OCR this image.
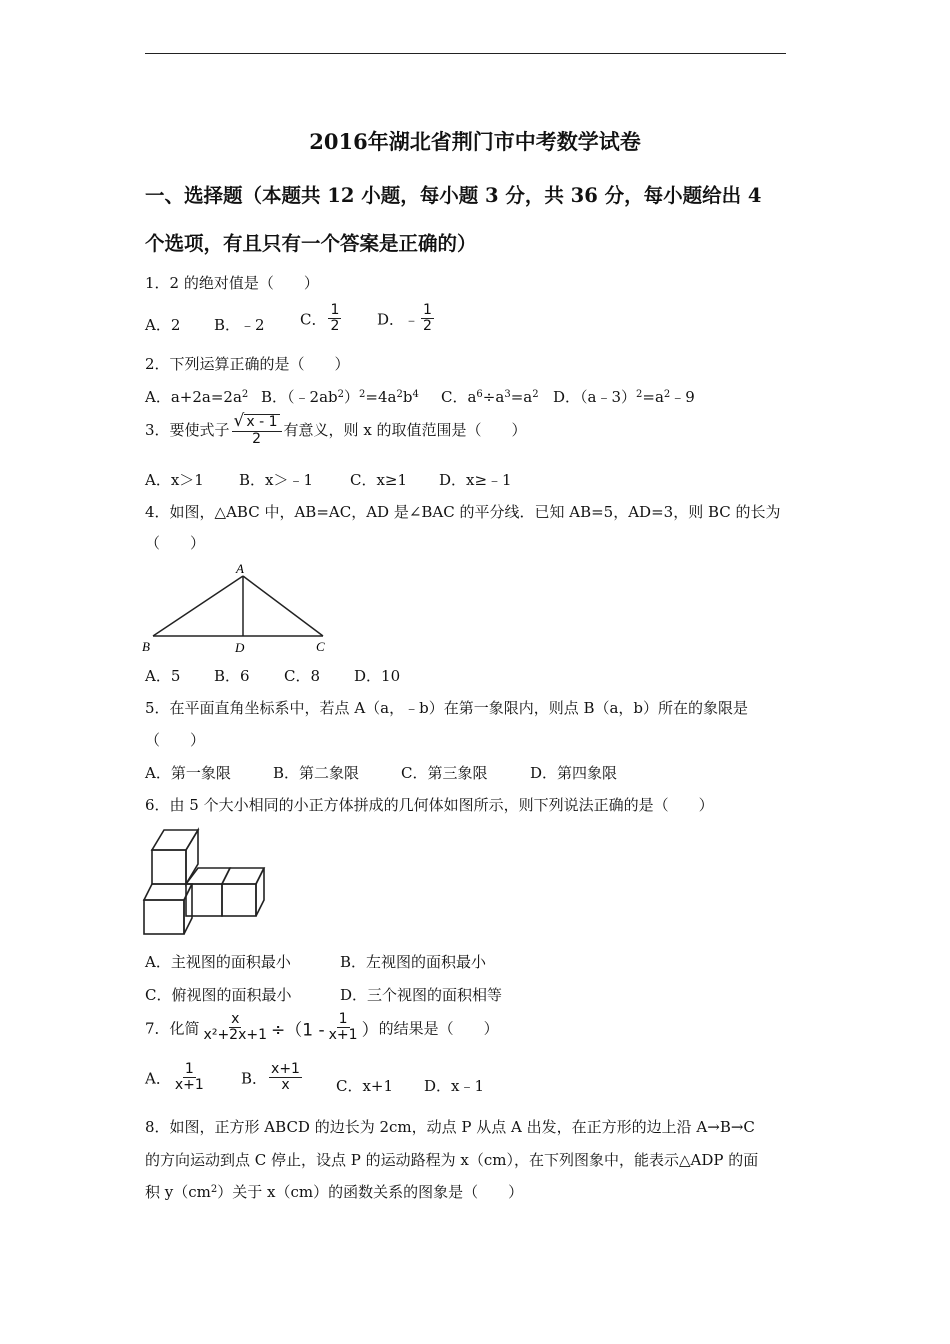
2016年湖北省荆门市中考数学试卷
一、选择题（本题共 12 小题，每小题 3 分，共 36 分，每小题给出 4
个选项，有且只有一个答案是正确的）
1．2 的绝对值是（　　）
A．2 B．﹣2 C． $\frac{1}{2}$ D．﹣ $\frac{1}{2}$
2．下列运算正确的是（　　）
A．$a+2a=2a^2$ B．$(﹣2ab^2)^2=4a^2b^4$ C．$a^6\div a^3=a^2$ D．$(a﹣3)^2=a^2﹣9$
3．要使式子 $\frac{√ x - 1}{2}$ 有意义，则 x 的取值范围是（　　）
A．x＞1 B．x＞﹣1 C．x≥1 D．x≥﹣1
4．如图，△ABC 中，AB=AC，AD 是∠BAC 的平分线．已知 AB=5，AD=3，则 BC 的长为
（　　）
A
B	D	C
A．5 B．6 C．8 D．10
5．在平面直角坐标系中，若点 A（a，﹣b）在第一象限内，则点 B（a，b）所在的象限是
（　　）
A．第一象限	B．第二象限	C．第三象限	D．第四象限
6．由 5 个大小相同的小正方体拼成的几何体如图所示，则下列说法正确的是（　　）
A．主视图的面积最小	B．左视图的面积最小
C．俯视图的面积最小	D．三个视图的面积相等
7．化简 $\frac{x}{\text{x²+2x+1}} \div(1 - \frac{1}{x+1}$ ）的结果是（　　）
A． $\frac{1}{x+1}$ B． $\frac{x+1}{x}$ C．x+1 D．x﹣1
8．如图，正方形 ABCD 的边长为 2cm，动点 P 从点 A 出发，在正方形的边上沿 A→B→C
的方向运动到点 C 停止，设点 P 的运动路程为 x（cm），在下列图象中，能表示△ADP 的面
积 $y(cm^2)$关于 x（cm）的函数关系的图象是（　　）
